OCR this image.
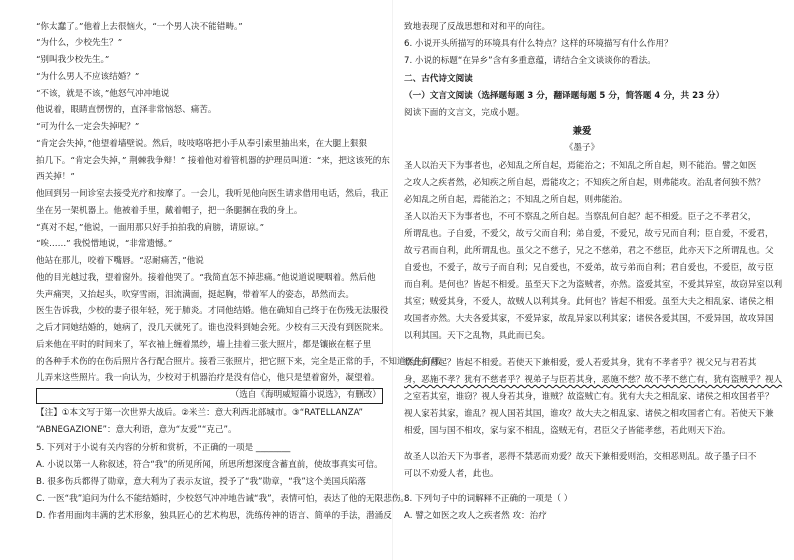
“你太蠢了。”他着上去很恼火，“一个男人决不能错畴。”
“为什么，少校先生？”
“别叫我少校先生。”
“为什么男人不应该结婚？”
“不该，就是不该，”他怒气冲冲地说
他说着，眼睛直愣愣的，直泽非常恼怒、痛苦。
“可为什么一定会失掉呢？”
“肯定会失掉，”他望着墙壁说。然后，吱吱咯咯把小手从奉引索里抽出来，在大腿上狠狠
拍几下。“肯定会失掉，” 荆棘我争辩！” 接着他对着管机器的护理员叫道：“来，把这该死的东
西关掉！”
他回到另一间诊室去接受光疗和按摩了。一会儿，我听见他向医生请求借用电话，然后，我正
坐在另一架机器上。他被着手里，戴着帽子，把一条腿捆在我的身上。
“真对不起，”他说，一面用那只好手拍拍我的肩膀，请原谅。”
“唉……” 我悦惜地说，“非常遗憾。”
他站在那儿，咬着下嘴唇。“忍耐痛苦，”他说
他的目光越过我，望着窗外。接着他哭了。“我简直怎不掉悲痛。”他说道说哽咽着。然后他
失声痛哭，又抬起头，吹穿雪雨，泪流满面，挺起胸，带着军人的姿态，昂然而去。
医生告诉我，少校的妻子很年轻，死于肺炎。才同他结婚。他在确知自己终于在伤残无法服役
之后才同她结婚的，她病了，没几天就死了。谁也没料到她会死。少校有三天没有到医院来。
后来他在平时的时间来了，军衣袖上缠着黑纱，墙上挂着三张大照片，都是镶嵌在框子里
的各种手术伤的在伤后照片各行配合照片。接看三张照片，把它照下来，完全是正常的手，不知道医生打哪
儿弄来这些照片。我一向认为，少校对于机器治疗是没有信心，他只是望着窗外，凝望着。
（选自《海明威短篇小说选》，有删改）
【注】①本文写于第一次世界大战后。②米兰：意大利西北部城市。③“RATELLANZA”
“ABNEGAZIONE”：意大利语，意为“友爱”“克己”。
5. 下列对于小说有关内容的分析和赏析，不正确的一项是 ________
A. 小说以第一人称叙述，符合“我”的所见所闻，所思所想深度含蓄直前，使故事真实可信。
B. 很多伤兵都得了勋章，意大利为了表示友谊，授予了“我”勋章，“我”这个美国兵陷落
C. 一医“我”追问为什么不能结婚时，少校怒气冲冲地告诫“我”，表情可怕，表达了他的无限悲伤。
D. 作者用面肉丰满的艺术形象，独具匠心的艺术构思，洗练传神的语言、简单的手法，潜涌反
致地表现了反战思想和对和平的向往。
6. 小说开头所描写的环境具有什么特点？这样的环境描写有什么作用？
7. 小说的标题“在异乡”含有多重意蕴，请结合全文谈谈你的看法。
二、古代诗文阅读
（一）文言文阅读（选择题每题 3 分，翻译题每题 5 分，简答题 4 分，共 23 分）
阅读下面的文言文，完成小题。
兼爱
《墨子》
圣人以治天下为事者也，必知乱之所自起，焉能治之；不知乱之所自起，则不能治。譬之如医
之攻人之疾者然，必知疾之所自起，焉能攻之；不知疾之所自起，则弗能攻。治乱者何独不然？
必知乱之所自起，焉能治之；不知乱之所自起，则弗能治。
圣人以治天下为事者也，不可不察乱之所自起。当察乱何自起？起不相爱。臣子之不孝君父，
所谓乱也。子自爱，不爱父，故亏父而自利；弟自爱，不爱兄，故亏兄而自利；臣自爱，不爱君，
故亏君而自利，此所谓乱也。虽父之不慈子，兄之不慈弟，君之不慈臣，此亦天下之所谓乱也。父
自爱也，不爱子，故亏子而自利；兄自爱也，不爱弟，故亏弟而自利；君自爱也，不爱臣，故亏臣
而自利。是何也？皆起不相爱。虽至天下之为盗贼者，亦然。盗爱其室，不爱其异室，故窃异室以利
其室；贼爱其身，不爱人，故贼人以利其身。此何也？皆起不相爱。虽至大夫之相乱家、诸侯之相
攻国者亦然。大夫各爱其家，不爱异家，故乱异家以利其家；诸侯各爱其国，不爱异国，故攻异国
以利其国。天下之乱物，具此而已矣。
察此何自起？皆起不相爱。若使天下兼相爱，爱人若爱其身，犹有不孝者乎？视父兄与君若其
身，恶施不孝？犹有不慈者乎？视弟子与臣若其身，恶施不慈？故不孝不慈亡有，犹有盗贼乎？视人
之室若其室，谁窃？视人身若其身，谁贼？故盗贼亡有。犹有大夫之相乱家、诸侯之相攻国者乎？
视人家若其家，谁乱？视人国若其国，谁攻？故大夫之相乱家、诸侯之相攻国者亡有。若使天下兼
相爱，国与国不相攻，家与家不相乱，盗贼无有，君臣父子皆能孝慈，若此则天下治。
故圣人以治天下为事者，恶得不禁恶而劝爱？故天下兼相爱则治，交相恶则乱。故子墨子曰不
可以不劝爱人者，此也。
8. 下列句子中的词解释不正确的一项是（ ）
A. 譬之如医之攻人之疾者然 攻：治疗
